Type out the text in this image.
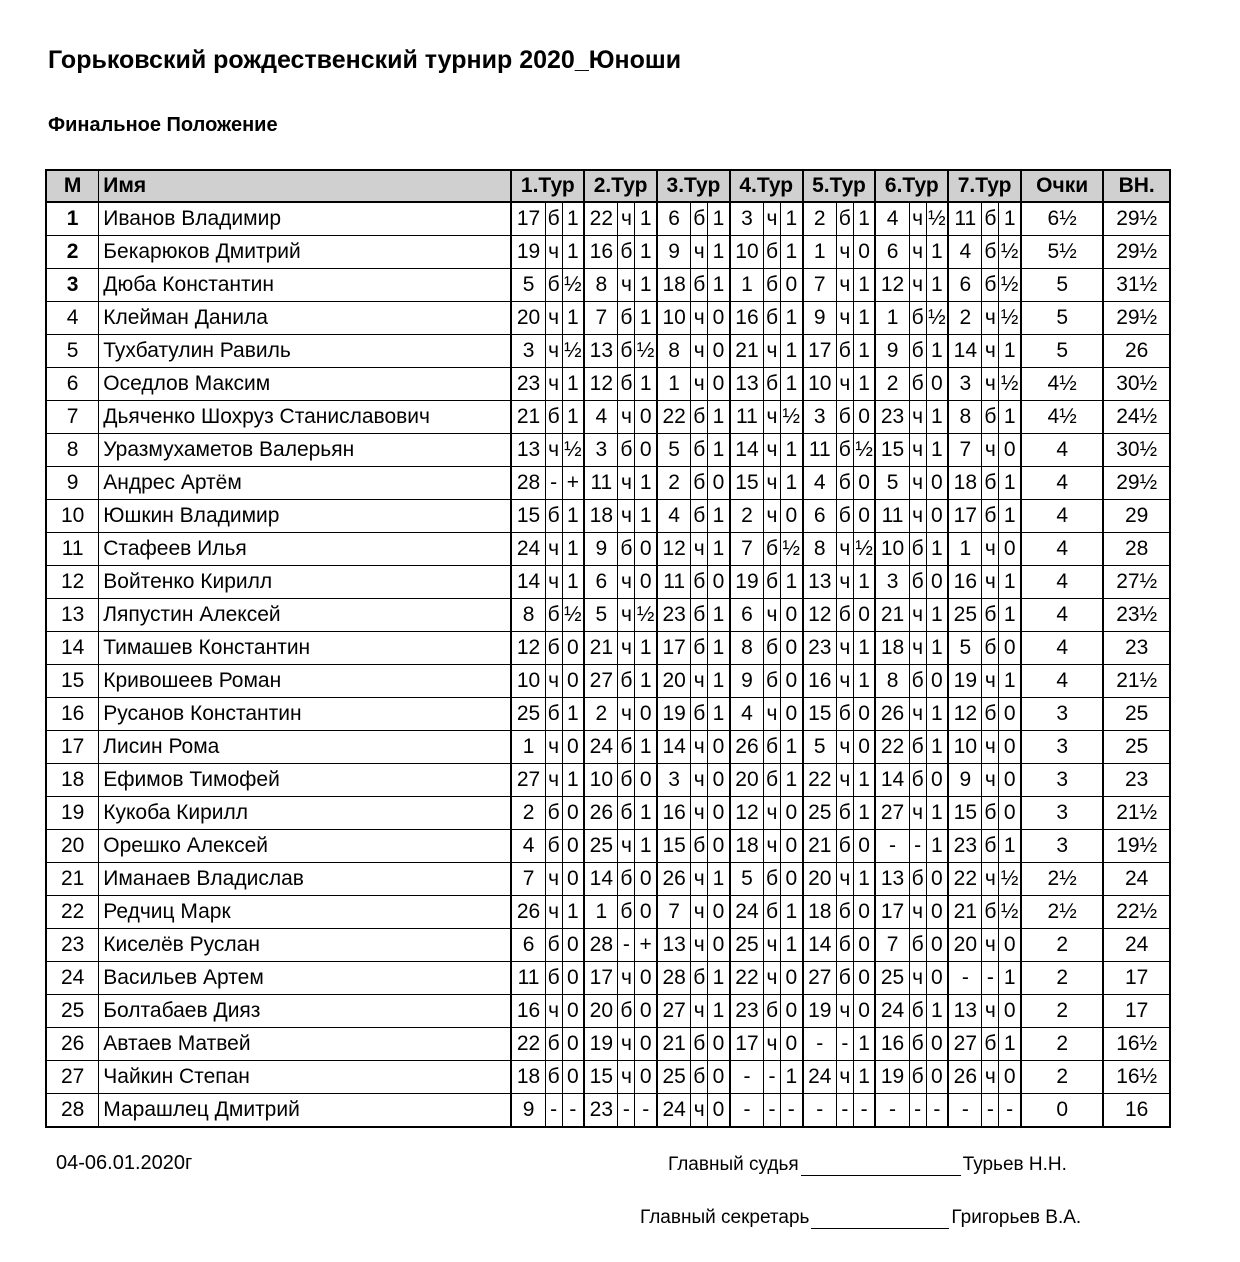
Горьковский рождественский турнир 2020_Юноши
Финальное Положение
М	Имя	1.Тур			2.Тур			3.Тур			4.Тур			5.Тур			6.Тур			7.Тур			Очки	ВН.
1	Иванов Владимир	17	б	1	22	ч	1	6	б	1	3	ч	1	2	б	1	4	ч	½	11	б	1	6½	29½
2	Бекарюков Дмитрий	19	ч	1	16	б	1	9	ч	1	10	б	1	1	ч	0	6	ч	1	4	б	½	5½	29½
3	Дюба Константин	5	б	½	8	ч	1	18	б	1	1	б	0	7	ч	1	12	ч	1	6	б	½	5	31½
4	Клейман Данила	20	ч	1	7	б	1	10	ч	0	16	б	1	9	ч	1	1	б	½	2	ч	½	5	29½
5	Тухбатулин Равиль	3	ч	½	13	б	½	8	ч	0	21	ч	1	17	б	1	9	б	1	14	ч	1	5	26
6	Оседлов Максим	23	ч	1	12	б	1	1	ч	0	13	б	1	10	ч	1	2	б	0	3	ч	½	4½	30½
7	Дьяченко Шохруз Станиславович	21	б	1	4	ч	0	22	б	1	11	ч	½	3	б	0	23	ч	1	8	б	1	4½	24½
8	Уразмухаметов Валерьян	13	ч	½	3	б	0	5	б	1	14	ч	1	11	б	½	15	ч	1	7	ч	0	4	30½
9	Андрес Артём	28	-	+	11	ч	1	2	б	0	15	ч	1	4	б	0	5	ч	0	18	б	1	4	29½
10	Юшкин Владимир	15	б	1	18	ч	1	4	б	1	2	ч	0	6	б	0	11	ч	0	17	б	1	4	29
11	Стафеев Илья	24	ч	1	9	б	0	12	ч	1	7	б	½	8	ч	½	10	б	1	1	ч	0	4	28
12	Войтенко Кирилл	14	ч	1	6	ч	0	11	б	0	19	б	1	13	ч	1	3	б	0	16	ч	1	4	27½
13	Ляпустин Алексей	8	б	½	5	ч	½	23	б	1	6	ч	0	12	б	0	21	ч	1	25	б	1	4	23½
14	Тимашев Константин	12	б	0	21	ч	1	17	б	1	8	б	0	23	ч	1	18	ч	1	5	б	0	4	23
15	Кривошеев Роман	10	ч	0	27	б	1	20	ч	1	9	б	0	16	ч	1	8	б	0	19	ч	1	4	21½
16	Русанов Константин	25	б	1	2	ч	0	19	б	1	4	ч	0	15	б	0	26	ч	1	12	б	0	3	25
17	Лисин Рома	1	ч	0	24	б	1	14	ч	0	26	б	1	5	ч	0	22	б	1	10	ч	0	3	25
18	Ефимов Тимофей	27	ч	1	10	б	0	3	ч	0	20	б	1	22	ч	1	14	б	0	9	ч	0	3	23
19	Кукоба Кирилл	2	б	0	26	б	1	16	ч	0	12	ч	0	25	б	1	27	ч	1	15	б	0	3	21½
20	Орешко Алексей	4	б	0	25	ч	1	15	б	0	18	ч	0	21	б	0	-	-	1	23	б	1	3	19½
21	Иманаев Владислав	7	ч	0	14	б	0	26	ч	1	5	б	0	20	ч	1	13	б	0	22	ч	½	2½	24
22	Редчиц Марк	26	ч	1	1	б	0	7	ч	0	24	б	1	18	б	0	17	ч	0	21	б	½	2½	22½
23	Киселёв Руслан	6	б	0	28	-	+	13	ч	0	25	ч	1	14	б	0	7	б	0	20	ч	0	2	24
24	Васильев Артем	11	б	0	17	ч	0	28	б	1	22	ч	0	27	б	0	25	ч	0	-	-	1	2	17
25	Болтабаев Дияз	16	ч	0	20	б	0	27	ч	1	23	б	0	19	ч	0	24	б	1	13	ч	0	2	17
26	Автаев Матвей	22	б	0	19	ч	0	21	б	0	17	ч	0	-	-	1	16	б	0	27	б	1	2	16½
27	Чайкин Степан	18	б	0	15	ч	0	25	б	0	-	-	1	24	ч	1	19	б	0	26	ч	0	2	16½
28	Марашлец Дмитрий	9	-	-	23	-	-	24	ч	0	-	-	-	-	-	-	-	-	-	-	-	-	0	16
04-06.01.2020г	Главный судья	Турьев Н.Н.
Главный секретарь	Григорьев В.А.
